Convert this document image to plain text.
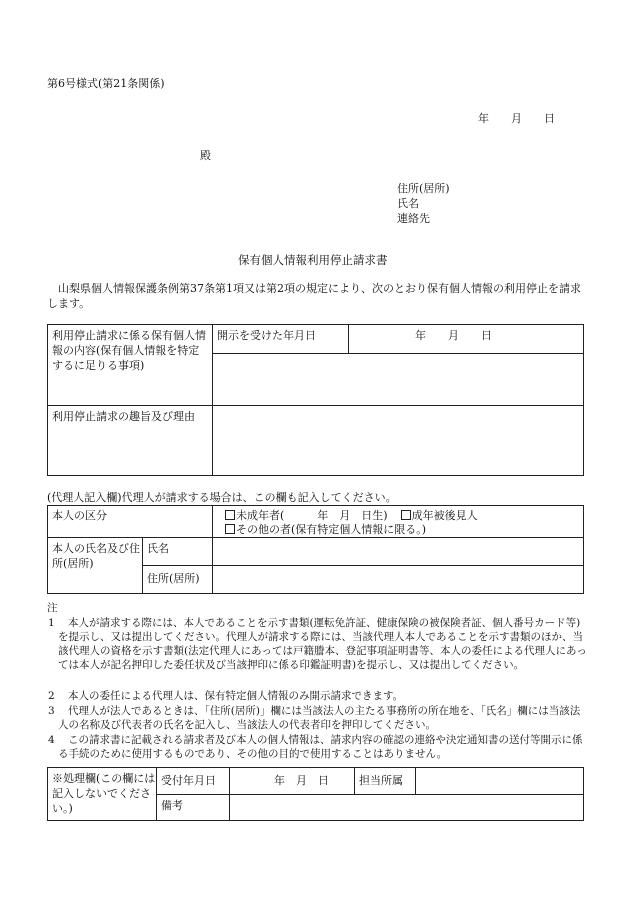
第6号様式(第21条関係)
年　　月　　日
殿
住所(居所)
氏名
連絡先
保有個人情報利用停止請求書
山梨県個人情報保護条例第37条第1項又は第2項の規定により、次のとおり保有個人情報の利用停止を請求します。
利用停止請求に係る保有個人情報の内容(保有個人情報を特定するに足りる事項)	開示を受けた年月日	年　　月　　日

利用停止請求の趣旨及び理由		

(代理人記入欄)代理人が請求する場合は、この欄も記入してください。
本人の区分		未成年者(　　　年　月　日生) 成年被後見人
その他の者(保有特定個人情報に限る。)

本人の氏名及び住所(居所)	氏名	

	住所(居所)	

注
1	本人が請求する際には、本人であることを示す書類(運転免許証、健康保険の被保険者証、個人番号カード等)を提示し、又は提出してください。代理人が請求する際には、当該代理人本人であることを示す書類のほか、当該代理人の資格を示す書類(法定代理人にあっては戸籍謄本、登記事項証明書等、本人の委任による代理人にあっては本人が記名押印した委任状及び当該押印に係る印鑑証明書)を提示し、又は提出してください。
2	本人の委任による代理人は、保有特定個人情報のみ開示請求できます。
3	代理人が法人であるときは、「住所(居所)」欄には当該法人の主たる事務所の所在地を、「氏名」欄には当該法人の名称及び代表者の氏名を記入し、当該法人の代表者印を押印してください。
4	この請求書に記載される請求者及び本人の個人情報は、請求内容の確認の連絡や決定通知書の送付等開示に係る手続のために使用するものであり、その他の目的で使用することはありません。
※処理欄(この欄には記入しないでください。)	受付年月日	年　月　日	担当所属	

	備考			
